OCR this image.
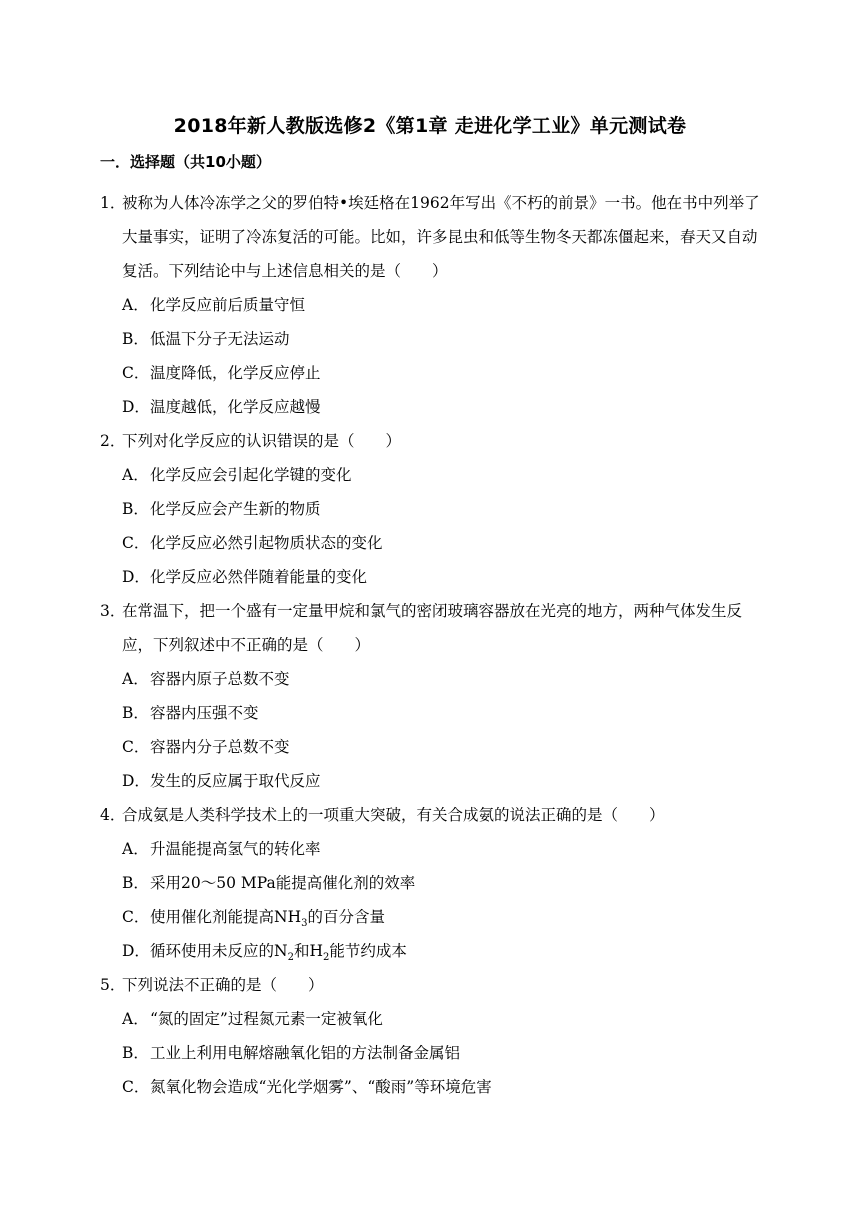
2018年新人教版选修2《第1章 走进化学工业》单元测试卷
一．选择题（共10小题）

1．被称为人体冷冻学之父的罗伯特•埃廷格在1962年写出《不朽的前景》一书。他在书中列举了大量事实，证明了冷冻复活的可能。比如，许多昆虫和低等生物冬天都冻僵起来，春天又自动复活。下列结论中与上述信息相关的是（　　）

A．化学反应前后质量守恒

B．低温下分子无法运动

C．温度降低，化学反应停止

D．温度越低，化学反应越慢

2．下列对化学反应的认识错误的是（　　）

A．化学反应会引起化学键的变化

B．化学反应会产生新的物质

C．化学反应必然引起物质状态的变化

D．化学反应必然伴随着能量的变化

3．在常温下，把一个盛有一定量甲烷和氯气的密闭玻璃容器放在光亮的地方，两种气体发生反应，下列叙述中不正确的是（　　）

A．容器内原子总数不变

B．容器内压强不变

C．容器内分子总数不变

D．发生的反应属于取代反应

4．合成氨是人类科学技术上的一项重大突破，有关合成氨的说法正确的是（　　）

A．升温能提高氢气的转化率

B．采用20～50 MPa能提高催化剂的效率

C．使用催化剂能提高$NH_3$的百分含量

D．循环使用未反应的$N_2$和$H_2$能节约成本

5．下列说法不正确的是（　　）

A．“氮的固定”过程氮元素一定被氧化

B．工业上利用电解熔融氧化铝的方法制备金属铝

C．氮氧化物会造成“光化学烟雾”、“酸雨”等环境危害
